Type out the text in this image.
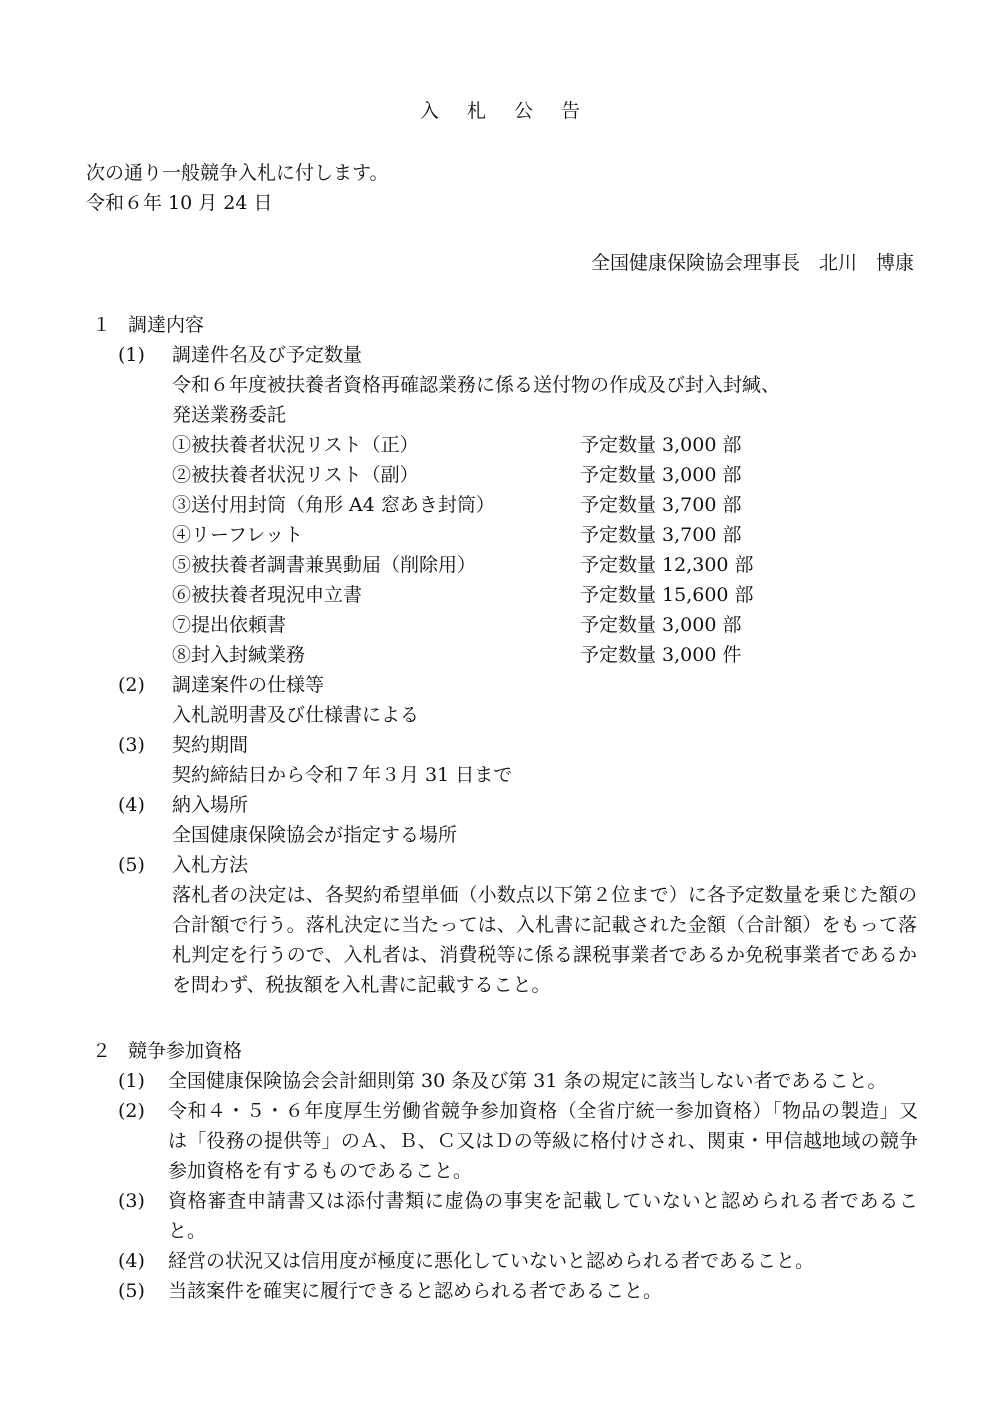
入札公告
次の通り一般競争入札に付します。
令和６年 10 月 24 日
全国健康保険協会理事長　北川　博康
１ 調達内容
(1) 調達件名及び予定数量
令和６年度被扶養者資格再確認業務に係る送付物の作成及び封入封緘、
発送業務委託
①被扶養者状況リスト（正）	予定数量 3,000 部
②被扶養者状況リスト（副）	予定数量 3,000 部
③送付用封筒（角形 A4 窓あき封筒）	予定数量 3,700 部
④リーフレット	予定数量 3,700 部
⑤被扶養者調書兼異動届（削除用）	予定数量 12,300 部
⑥被扶養者現況申立書	予定数量 15,600 部
⑦提出依頼書	予定数量 3,000 部
⑧封入封緘業務	予定数量 3,000 件
(2) 調達案件の仕様等
入札説明書及び仕様書による
(3) 契約期間
契約締結日から令和７年３月 31 日まで
(4) 納入場所
全国健康保険協会が指定する場所
(5) 入札方法
落札者の決定は、各契約希望単価（小数点以下第２位まで）に各予定数量を乗じた額の合計額で行う。落札決定に当たっては、入札書に記載された金額（合計額）をもって落札判定を行うので、入札者は、消費税等に係る課税事業者であるか免税事業者であるかを問わず、税抜額を入札書に記載すること。
２ 競争参加資格
(1) 全国健康保険協会会計細則第 30 条及び第 31 条の規定に該当しない者であること。
(2) 令和４・５・６年度厚生労働省競争参加資格（全省庁統一参加資格）「物品の製造」又は「役務の提供等」のＡ、Ｂ、Ｃ又はＤの等級に格付けされ、関東・甲信越地域の競争参加資格を有するものであること。
(3) 資格審査申請書又は添付書類に虚偽の事実を記載していないと認められる者であること。
(4) 経営の状況又は信用度が極度に悪化していないと認められる者であること。
(5) 当該案件を確実に履行できると認められる者であること。
